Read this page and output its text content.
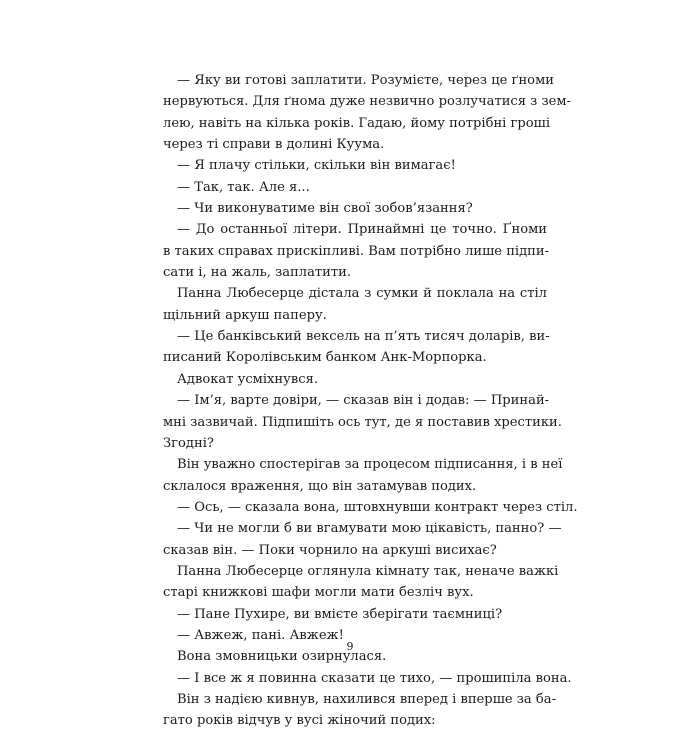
— Яку ви готові заплатити. Розумієте, через це ґноми
нервуються. Для ґнома дуже незвично розлучатися з зем-
лею, навіть на кілька років. Гадаю, йому потрібні гроші
через ті справи в долині Куума.
— Я плачу стільки, скільки він вимагає!
— Так, так. Але я...
— Чи виконуватиме він свої зобов’язання?
— До останньої літери. Принаймні це точно. Ґноми
в таких справах прискіпливі. Вам потрібно лише підпи-
сати і, на жаль, заплатити.
Панна Любесерце дістала з сумки й поклала на стіл
щільний аркуш паперу.
— Це банківський вексель на п’ять тисяч доларів, ви-
писаний Королівським банком Анк-Морпорка.
Адвокат усміхнувся.
— Ім’я, варте довіри, — сказав він і додав: — Принай-
мні зазвичай. Підпишіть ось тут, де я поставив хрестики.
Згодні?
Він уважно спостерігав за процесом підписання, і в неї
склалося враження, що він затамував подих.
— Ось, — сказала вона, штовхнувши контракт через стіл.
— Чи не могли б ви вгамувати мою цікавість, панно? —
сказав він. — Поки чорнило на аркуші висихає?
Панна Любесерце оглянула кімнату так, неначе важкі
старі книжкові шафи могли мати безліч вух.
— Пане Пухире, ви вмієте зберігати таємниці?
— Авжеж, пані. Авжеж!
Вона змовницьки озирнулася.
— І все ж я повинна сказати це тихо, — прошипіла вона.
Він з надією кивнув, нахилився вперед і вперше за ба-
гато років відчув у вусі жіночий подих:
9
